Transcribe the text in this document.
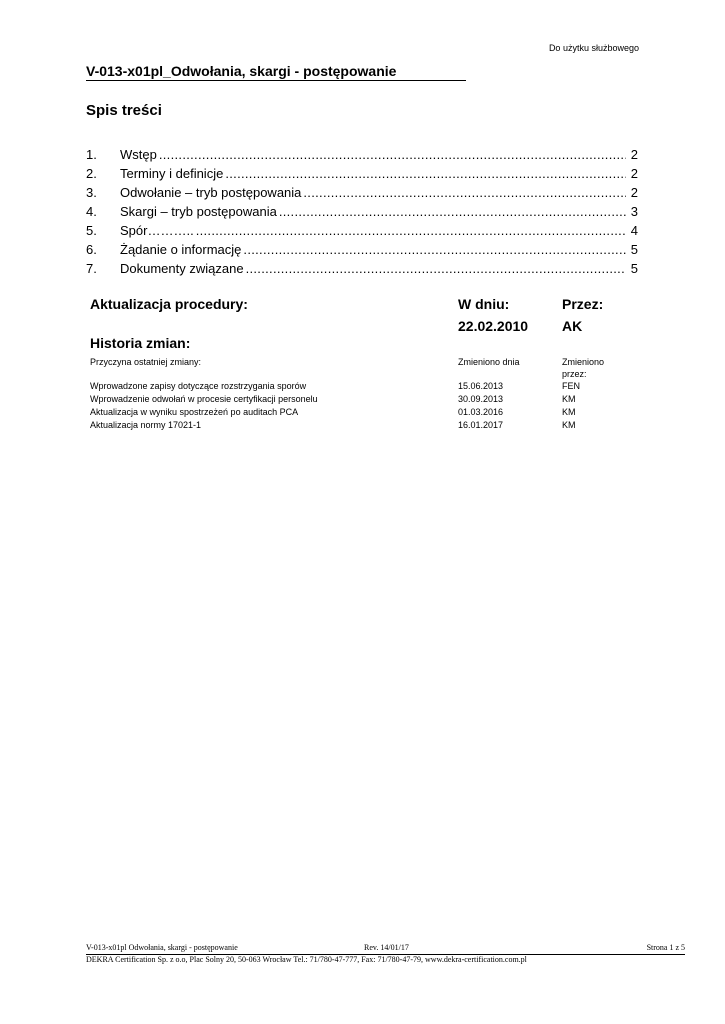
Do użytku służbowego
V-013-x01pl_Odwołania, skargi - postępowanie
Spis treści
1.	Wstęp .....	2
2.	Terminy i definicje .....	2
3.	Odwołanie – tryb postępowania .....	2
4.	Skargi – tryb postępowania .....	3
5.	Spór……….. .....	4
6.	Żądanie o informację .....	5
7.	Dokumenty związane .....	5
Aktualizacja procedury:	W dniu:	Przez:
22.02.2010 AK
Historia zmian:
Przyczyna ostatniej zmiany:	Zmieniono dnia	Zmieniono
przez:
Wprowadzone zapisy dotyczące rozstrzygania sporów	15.06.2013	FEN
Wprowadzenie odwołań w procesie certyfikacji personelu	30.09.2013	KM
Aktualizacja w wyniku spostrzeżeń po auditach PCA	01.03.2016	KM
Aktualizacja normy 17021-1	16.01.2017	KM
V-013-x01pl Odwołania, skargi - postępowanie	Rev. 14/01/17	Strona 1 z 5
DEKRA Certification Sp. z o.o, Plac Solny 20, 50-063 Wrocław Tel.: 71/780-47-777, Fax: 71/780-47-79, www.dekra-certification.com.pl
